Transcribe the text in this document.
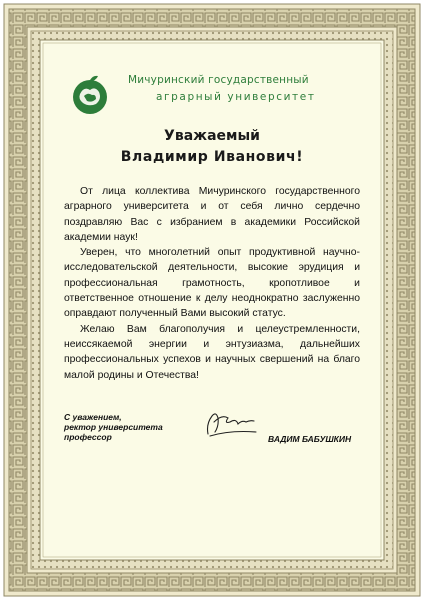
Мичуринский государственный
аграрный университет
Уважаемый
Владимир Иванович!

От лица коллектива Мичуринского государственного аграрного университета и от себя лично сердечно поздравляю Вас с избранием в академики Российской академии наук!

Уверен, что многолетний опыт продуктивной научно-исследовательской деятельности, высокие эрудиция и профессиональная грамотность, кропотливое и ответственное отношение к делу неоднократно заслуженно оправдают полученный Вами высокий статус.

Желаю Вам благополучия и целеустремленности, неиссякаемой энергии и энтузиазма, дальнейших профессиональных успехов и научных свершений на благо малой родины и Отечества!

С уважением,
ректор университета
профессор	ВАДИМ БАБУШКИН
